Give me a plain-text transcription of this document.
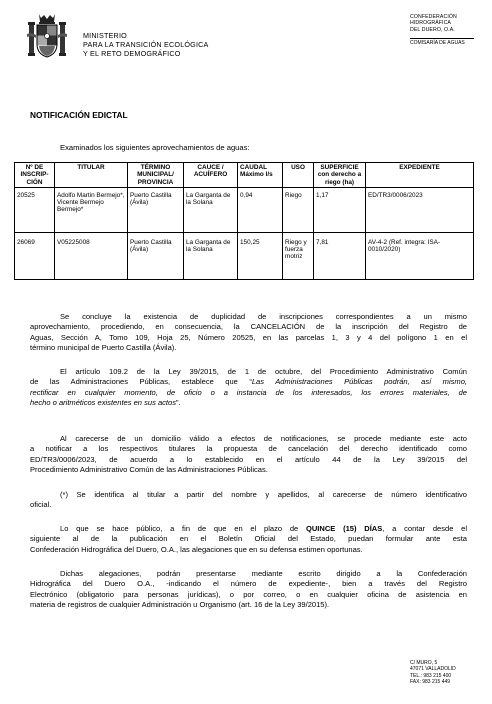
MINISTERIO
PARA LA TRANSICIÓN ECOLÓGICA
Y EL RETO DEMOGRÁFICO
CONFEDERACIÓN
HIDROGRÁFICA
DEL DUERO, O.A.
COMISARÍA DE AGUAS
NOTIFICACIÓN EDICTAL
Examinados los siguientes aprovechamientos de aguas:
Nº DE INSCRIP-CIÓN	TITULAR	TÉRMINO MUNICIPAL/ PROVINCIA	CAUCE / ACUÍFERO	CAUDAL Máximo l/s	USO	SUPERFICIE con derecho a riego (ha)	EXPEDIENTE
20525	Adolfo Martin Bermejo*, Vicente Bermejo Bermejo*	Puerto Castilla (Ávila)	La Garganta de la Solana	0,94	Riego	1,17	ED/TR3/0006/2023
26069	V05225008	Puerto Castilla (Ávila)	La Garganta de la Solana	150,25	Riego y fuerza motriz	7,81	AV-4-2 (Ref. integra: ISA-0010/2020)
Se concluye la existencia de duplicidad de inscripciones correspondientes a un mismo
aprovechamiento, procediendo, en consecuencia, la CANCELACIÓN de la inscripción del Registro de
Aguas, Sección A, Tomo 109, Hoja 25, Número 20525, en las parcelas 1, 3 y 4 del polígono 1 en el
término municipal de Puerto Castilla (Ávila).
El artículo 109.2 de la Ley 39/2015, de 1 de octubre, del Procedimiento Administrativo Común
de las Administraciones Públicas, establece que “Las Administraciones Públicas podrán, así mismo,
rectificar en cualquier momento, de oficio o a instancia de los interesados, los errores materiales, de
hecho o aritméticos existentes en sus actos”.
Al carecerse de un domicilio válido a efectos de notificaciones, se procede mediante este acto
a notificar a los respectivos titulares la propuesta de cancelación del derecho identificado como
ED/TR3/0006/2023, de acuerdo a lo establecido en el artículo 44 de la Ley 39/2015 del
Procedimiento Administrativo Común de las Administraciones Públicas.
(*) Se identifica al titular a partir del nombre y apellidos, al carecerse de número identificativo
oficial.
Lo que se hace público, a fin de que en el plazo de QUINCE (15) DÍAS, a contar desde el
siguiente al de la publicación en el Boletín Oficial del Estado, puedan formular ante esta
Confederación Hidrográfica del Duero, O.A., las alegaciones que en su defensa estimen oportunas.
Dichas alegaciones, podrán presentarse mediante escrito dirigido a la Confederación
Hidrográfica del Duero O.A., -indicando el número de expediente-, bien a través del Registro
Electrónico (obligatorio para personas jurídicas), o por correo, o en cualquier oficina de asistencia en
materia de registros de cualquier Administración u Organismo (art. 16 de la Ley 39/2015).
C/ MURO, 5
47071 VALLADOLID
TEL.: 983 215 400
FAX: 983 215 449
